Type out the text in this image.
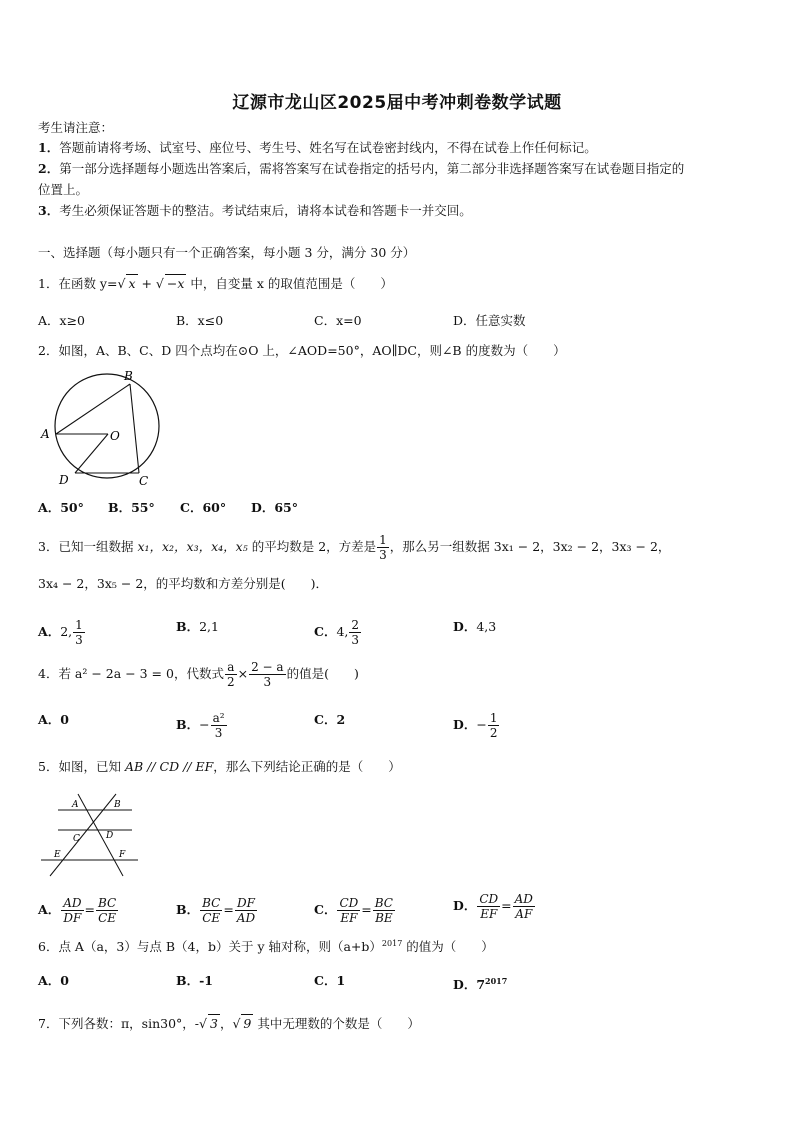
辽源市龙山区2025届中考冲刺卷数学试题
考生请注意：
1．答题前请将考场、试室号、座位号、考生号、姓名写在试卷密封线内，不得在试卷上作任何标记。
2．第一部分选择题每小题选出答案后，需将答案写在试卷指定的括号内，第二部分非选择题答案写在试卷题目指定的
位置上。
3．考生必须保证答题卡的整洁。考试结束后，请将本试卷和答题卡一并交回。
一、选择题（每小题只有一个正确答案，每小题 3 分，满分 30 分）
1．在函数 y=√ x + √ −x 中，自变量 x 的取值范围是（　　）
A．x≥0	B．x≤0	C．x=0	D．任意实数
2．如图，A、B、C、D 四个点均在⊙O 上，∠AOD=50°，AO∥DC，则∠B 的度数为（　　）
A
B
C
D
O
A．50° B．55° C．60° D．65°
3．已知一组数据 x₁，x₂，x₃，x₄，x₅ 的平均数是 2，方差是 $\frac{1}{3}$ ，那么另一组数据 3x₁ − 2，3x₂ − 2，3x₃ − 2，
3x₄ − 2，3x₅ − 2，的平均数和方差分别是(　　)．
A．2, $\frac{1}{3}$	B．2,1	C．4, $\frac{2}{3}$	D．4,3
4．若 a² − 2a − 3 = 0，代数式 $\frac{a}{2} \times \frac{2 - a}{3}$ 的值是(　　)
A．0	B．− $\frac{\text{a²}}{3}$	C．2	D．− $\frac{1}{2}$
5．如图，已知 AB // CD // EF，那么下列结论正确的是（　　）
A	B
C	D
E	F
A． $\frac{AD}{DF} = \frac{BC}{CE}$	B． $\frac{BC}{CE} = \frac{DF}{AD}$	C． $\frac{CD}{EF} = \frac{BC}{BE}$	D． $\frac{CD}{EF} = \frac{AD}{AF}$
6．点 A（a，3）与点 B（4，b）关于 y 轴对称，则$(a+b)^{2017}$ 的值为（　　）
A．0	B．-1	C．1	D．$7^{2017}$
7．下列各数：π，sin30°，-√ 3 ，√ 9 其中无理数的个数是（　　）
